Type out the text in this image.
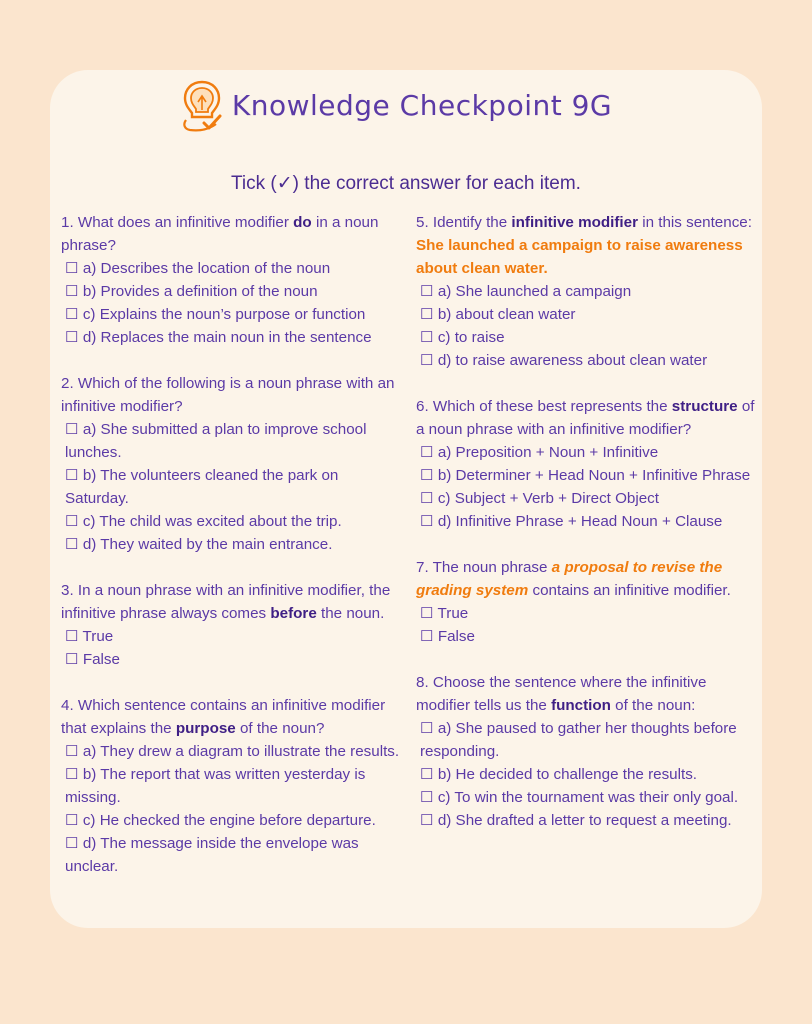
Knowledge Checkpoint 9G
Tick (✓) the correct answer for each item.
1. What does an infinitive modifier do in a noun phrase?
☐ a) Describes the location of the noun
☐ b) Provides a definition of the noun
☐ c) Explains the noun’s purpose or function
☐ d) Replaces the main noun in the sentence
2. Which of the following is a noun phrase with an infinitive modifier?
☐ a) She submitted a plan to improve school lunches.
☐ b) The volunteers cleaned the park on Saturday.
☐ c) The child was excited about the trip.
☐ d) They waited by the main entrance.
3. In a noun phrase with an infinitive modifier, the infinitive phrase always comes before the noun.
☐ True
☐ False
4. Which sentence contains an infinitive modifier that explains the purpose of the noun?
☐ a) They drew a diagram to illustrate the results.
☐ b) The report that was written yesterday is missing.
☐ c) He checked the engine before departure.
☐ d) The message inside the envelope was unclear.
5. Identify the infinitive modifier in this sentence:
She launched a campaign to raise awareness about clean water.
☐ a) She launched a campaign
☐ b) about clean water
☐ c) to raise
☐ d) to raise awareness about clean water
6. Which of these best represents the structure of a noun phrase with an infinitive modifier?
☐ a) Preposition + Noun + Infinitive
☐ b) Determiner + Head Noun + Infinitive Phrase
☐ c) Subject + Verb + Direct Object
☐ d) Infinitive Phrase + Head Noun + Clause
7. The noun phrase a proposal to revise the grading system contains an infinitive modifier.
☐ True
☐ False
8. Choose the sentence where the infinitive modifier tells us the function of the noun:
☐ a) She paused to gather her thoughts before responding.
☐ b) He decided to challenge the results.
☐ c) To win the tournament was their only goal.
☐ d) She drafted a letter to request a meeting.
